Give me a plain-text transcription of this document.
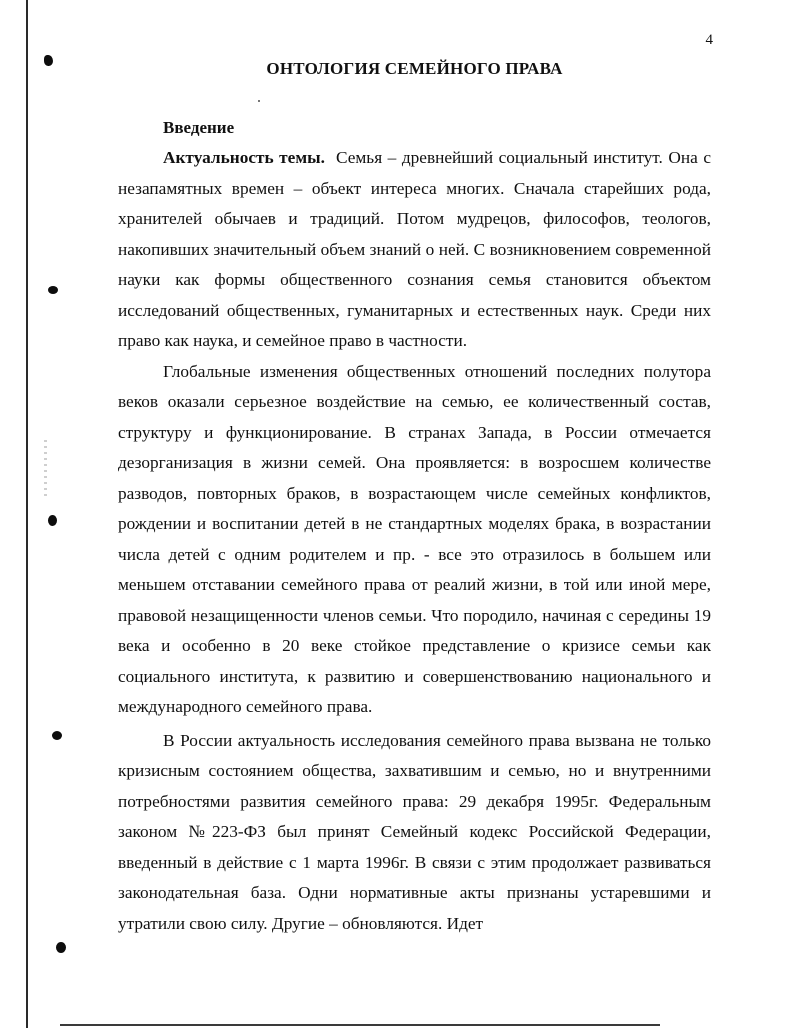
4
ОНТОЛОГИЯ СЕМЕЙНОГО ПРАВА
Введение

Актуальность темы. Семья – древнейший социальный институт. Она с незапамятных времен – объект интереса многих. Сначала старейших рода, хранителей обычаев и традиций. Потом мудрецов, философов, теологов, накопивших значительный объем знаний о ней. С возникновением современной науки как формы общественного сознания семья становится объектом исследований общественных, гуманитарных и естественных наук. Среди них право как наука, и семейное право в частности.

Глобальные изменения общественных отношений последних полутора веков оказали серьезное воздействие на семью, ее количественный состав, структуру и функционирование. В странах Запада, в России отмечается дезорганизация в жизни семей. Она проявляется: в возросшем количестве разводов, повторных браков, в возрастающем числе семейных конфликтов, рождении и воспитании детей в не стандартных моделях брака, в возрастании числа детей с одним родителем и пр. - все это отразилось в большем или меньшем отставании семейного права от реалий жизни, в той или иной мере, правовой незащищенности членов семьи. Что породило, начиная с середины 19 века и особенно в 20 веке стойкое представление о кризисе семьи как социального института, к развитию и совершенствованию национального и международного семейного права.

В России актуальность исследования семейного права вызвана не только кризисным состоянием общества, захватившим и семью, но и внутренними потребностями развития семейного права: 29 декабря 1995г. Федеральным законом №223-ФЗ был принят Семейный кодекс Российской Федерации, введенный в действие с 1 марта 1996г. В связи с этим продолжает развиваться законодательная база. Одни нормативные акты признаны устаревшими и утратили свою силу. Другие – обновляются. Идет
